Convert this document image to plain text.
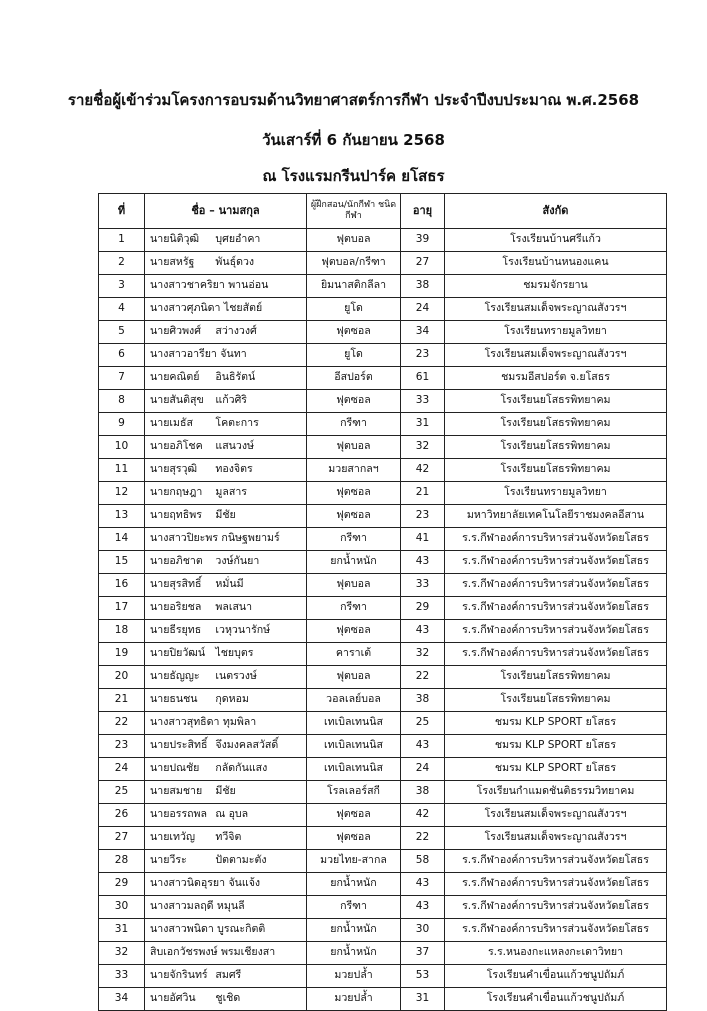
รายชื่อผู้เข้าร่วมโครงการอบรมด้านวิทยาศาสตร์การกีฬา ประจำปีงบประมาณ พ.ศ.2568
วันเสาร์ที่ 6 กันยายน 2568
ณ โรงแรมกรีนปาร์ค ยโสธร
ที่	ชื่อ – นามสกุล	ผู้ฝึกสอน/นักกีฬา ชนิดกีฬา	อายุ	สังกัด
1	นายนิติวุฒิ บุศยอำคา	ฟุตบอล	39	โรงเรียนบ้านศรีแก้ว
2	นายสหรัฐ พันธุ์ดวง	ฟุตบอล/กรีฑา	27	โรงเรียนบ้านหนองแคน
3	นางสาวชาคริยา พานอ่อน	ยิมนาสติกลีลา	38	ชมรมจักรยาน
4	นางสาวศุภนิดา ไชยสัตย์	ยูโด	24	โรงเรียนสมเด็จพระญาณสังวรฯ
5	นายศิวพงศ์ สว่างวงศ์	ฟุตซอล	34	โรงเรียนทรายมูลวิทยา
6	นางสาวอารียา จันทา	ยูโด	23	โรงเรียนสมเด็จพระญาณสังวรฯ
7	นายคณิตย์ อินธิรัตน์	อีสปอร์ต	61	ชมรมอีสปอร์ต จ.ยโสธร
8	นายสันติสุข แก้วศิริ	ฟุตซอล	33	โรงเรียนยโสธรพิทยาคม
9	นายเมธัส โคตะการ	กรีฑา	31	โรงเรียนยโสธรพิทยาคม
10	นายอภิโชค แสนวงษ์	ฟุตบอล	32	โรงเรียนยโสธรพิทยาคม
11	นายสุรวุฒิ ทองจิตร	มวยสากลฯ	42	โรงเรียนยโสธรพิทยาคม
12	นายกฤษฎา มูลสาร	ฟุตซอล	21	โรงเรียนทรายมูลวิทยา
13	นายฤทธิพร มีชัย	ฟุตซอล	23	มหาวิทยาลัยเทคโนโลยีราชมงคลอีสาน
14	นางสาวปิยะพร กนิษฐพยามร์	กรีฑา	41	ร.ร.กีฬาองค์การบริหารส่วนจังหวัดยโสธร
15	นายอภิชาต วงษ์กันยา	ยกน้ำหนัก	43	ร.ร.กีฬาองค์การบริหารส่วนจังหวัดยโสธร
16	นายสุรสิทธิ์ หมั่นมี	ฟุตบอล	33	ร.ร.กีฬาองค์การบริหารส่วนจังหวัดยโสธร
17	นายอริยชล พลเสนา	กรีฑา	29	ร.ร.กีฬาองค์การบริหารส่วนจังหวัดยโสธร
18	นายธีรยุทธ เวหุวนารักษ์	ฟุตซอล	43	ร.ร.กีฬาองค์การบริหารส่วนจังหวัดยโสธร
19	นายปิยวัฒน์ ไชยบุตร	คาราเต้	32	ร.ร.กีฬาองค์การบริหารส่วนจังหวัดยโสธร
20	นายธัญญะ เนตรวงษ์	ฟุตบอล	22	โรงเรียนยโสธรพิทยาคม
21	นายธนชน กุดหอม	วอลเลย์บอล	38	โรงเรียนยโสธรพิทยาคม
22	นางสาวสุทธิดา ทุมพิลา	เทเบิลเทนนิส	25	ชมรม KLP SPORT ยโสธร
23	นายประสิทธิ์ จึงมงคลสวัสดิ์	เทเบิลเทนนิส	43	ชมรม KLP SPORT ยโสธร
24	นายปณชัย กลัดกันแสง	เทเบิลเทนนิส	24	ชมรม KLP SPORT ยโสธร
25	นายสมชาย มีชัย	โรลเลอร์สกี	38	โรงเรียนกำแมดชันติธรรมวิทยาคม
26	นายอรรถพล ณ อุบล	ฟุตซอล	42	โรงเรียนสมเด็จพระญาณสังวรฯ
27	นายเทวัญ ทวีจิต	ฟุตซอล	22	โรงเรียนสมเด็จพระญาณสังวรฯ
28	นายวีระ ปัตตามะตัง	มวยไทย-สากล	58	ร.ร.กีฬาองค์การบริหารส่วนจังหวัดยโสธร
29	นางสาวนิดอุรยา จันแจ้ง	ยกน้ำหนัก	43	ร.ร.กีฬาองค์การบริหารส่วนจังหวัดยโสธร
30	นางสาวมลฤดี หมุนลี	กรีฑา	43	ร.ร.กีฬาองค์การบริหารส่วนจังหวัดยโสธร
31	นางสาวพนิดา บูรณะกิตติ	ยกน้ำหนัก	30	ร.ร.กีฬาองค์การบริหารส่วนจังหวัดยโสธร
32	สิบเอกวัชรพงษ์ พรมเชียงสา	ยกน้ำหนัก	37	ร.ร.หนองกะแหลงกะเดาวิทยา
33	นายจักรินทร์ สมศรี	มวยปล้ำ	53	โรงเรียนคำเขื่อนแก้วชนูปถัมภ์
34	นายอัศวิน ชูเชิด	มวยปล้ำ	31	โรงเรียนคำเขื่อนแก้วชนูปถัมภ์
